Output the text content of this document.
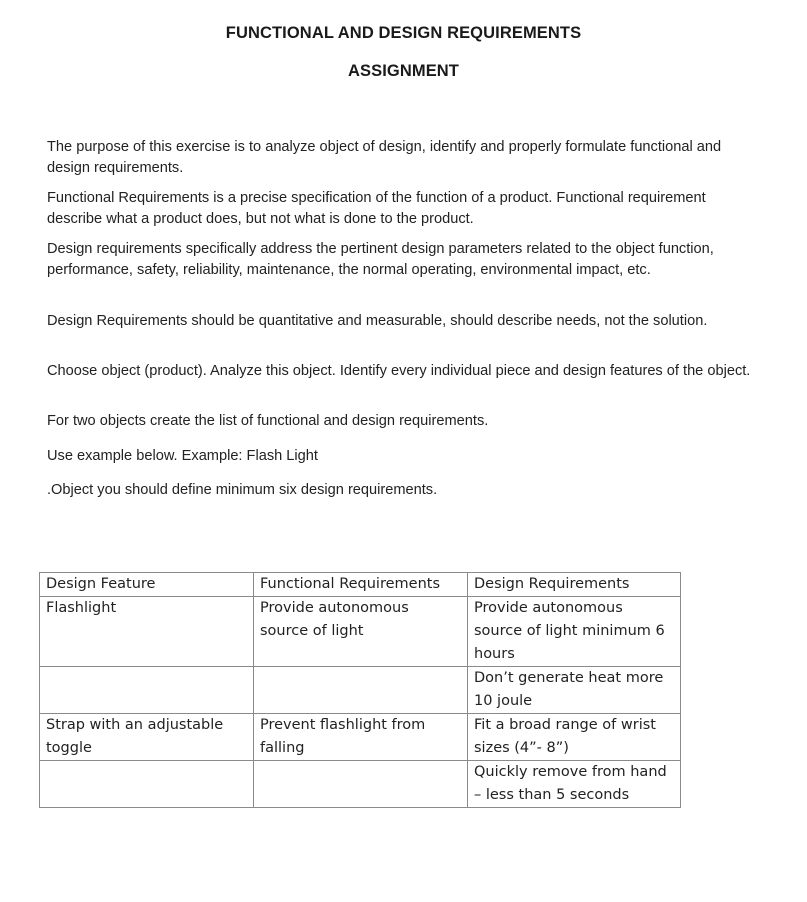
FUNCTIONAL AND DESIGN REQUIREMENTS
ASSIGNMENT
The purpose of this exercise is to analyze object of design, identify and properly formulate functional and design requirements.
Functional Requirements is a precise specification of the function of a product. Functional requirement describe what a product does, but not what is done to the product.
Design requirements specifically address the pertinent design parameters related to the object function, performance, safety, reliability, maintenance, the normal operating, environmental impact, etc.
Design Requirements should be quantitative and measurable, should describe needs, not the solution.
Choose object (product). Analyze this object. Identify every individual piece and design features of the object.
For two objects create the list of functional and design requirements.
Use example below. Example: Flash Light
.Object you should define minimum six design requirements.
Design Feature	Functional Requirements	Design Requirements
Flashlight	Provide autonomous source of light	Provide autonomous source of light minimum 6 hours
		Don’t generate heat more 10 joule
Strap with an adjustable toggle	Prevent flashlight from falling	Fit a broad range of wrist sizes (4”- 8”)
		Quickly remove from hand – less than 5 seconds
